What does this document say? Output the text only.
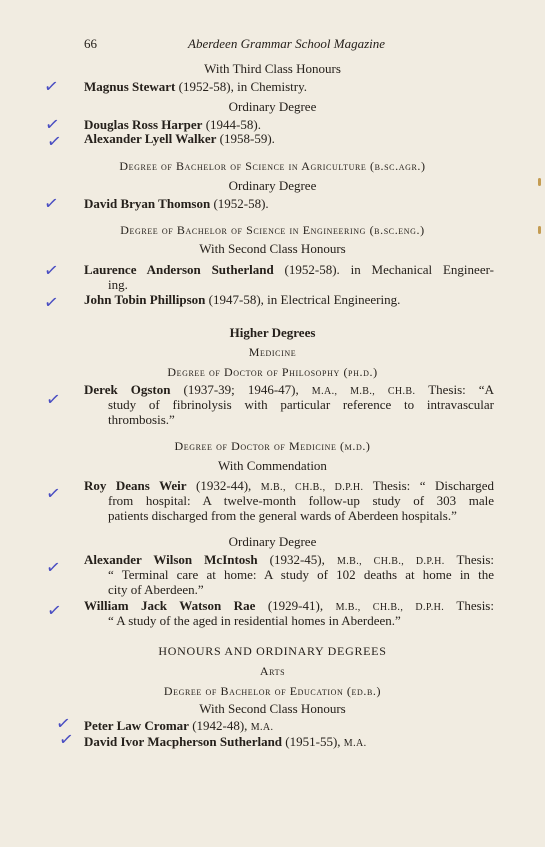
66	Aberdeen Grammar School Magazine
With Third Class Honours
Magnus Stewart (1952-58), in Chemistry.
Ordinary Degree
Douglas Ross Harper (1944-58).
Alexander Lyell Walker (1958-59).
Degree of Bachelor of Science in Agriculture (b.sc.agr.)
Ordinary Degree
David Bryan Thomson (1952-58).
Degree of Bachelor of Science in Engineering (b.sc.eng.)
With Second Class Honours
Laurence Anderson Sutherland (1952-58). in Mechanical Engineer-
ing.
John Tobin Phillipson (1947-58), in Electrical Engineering.
Higher Degrees
Medicine
Degree of Doctor of Philosophy (ph.d.)
Derek Ogston (1937-39; 1946-47), M.A., M.B., CH.B. Thesis: “A
study of fibrinolysis with particular reference to intravascular
thrombosis.”
Degree of Doctor of Medicine (m.d.)
With Commendation
Roy Deans Weir (1932-44), M.B., CH.B., D.P.H. Thesis: “ Discharged
from hospital: A twelve-month follow-up study of 303 male
patients discharged from the general wards of Aberdeen hospitals.”
Ordinary Degree
Alexander Wilson McIntosh (1932-45), M.B., CH.B., D.P.H. Thesis:
“ Terminal care at home: A study of 102 deaths at home in the
city of Aberdeen.”
William Jack Watson Rae (1929-41), M.B., CH.B., D.P.H. Thesis:
“ A study of the aged in residential homes in Aberdeen.”
HONOURS AND ORDINARY DEGREES
Arts
Degree of Bachelor of Education (ed.b.)
With Second Class Honours
Peter Law Cromar (1942-48), M.A.
David Ivor Macpherson Sutherland (1951-55), M.A.
✓
✓
✓
✓
✓
✓
✓
✓
✓
✓
✓
✓
